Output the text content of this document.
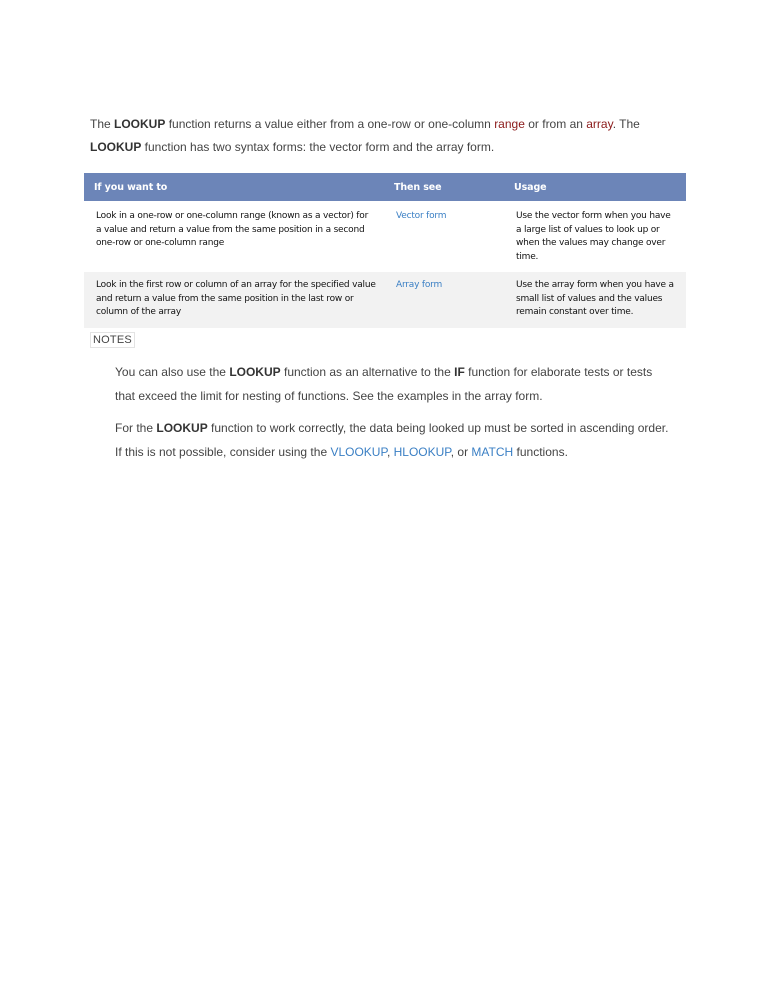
The LOOKUP function returns a value either from a one-row or one-column range or from an array. The
LOOKUP function has two syntax forms: the vector form and the array form.

If you want to	Then see	Usage
Look in a one-row or one-column range (known as a vector) for a value and return a value from the same position in a second one-row or one-column range	Vector form	Use the vector form when you have a large list of values to look up or when the values may change over time.
Look in the first row or column of an array for the specified value and return a value from the same position in the last row or column of the array	Array form	Use the array form when you have a small list of values and the values remain constant over time.
NOTES

You can also use the LOOKUP function as an alternative to the IF function for elaborate tests or tests that exceed the limit for nesting of functions. See the examples in the array form.

For the LOOKUP function to work correctly, the data being looked up must be sorted in ascending order. If this is not possible, consider using the VLOOKUP, HLOOKUP, or MATCH functions.
